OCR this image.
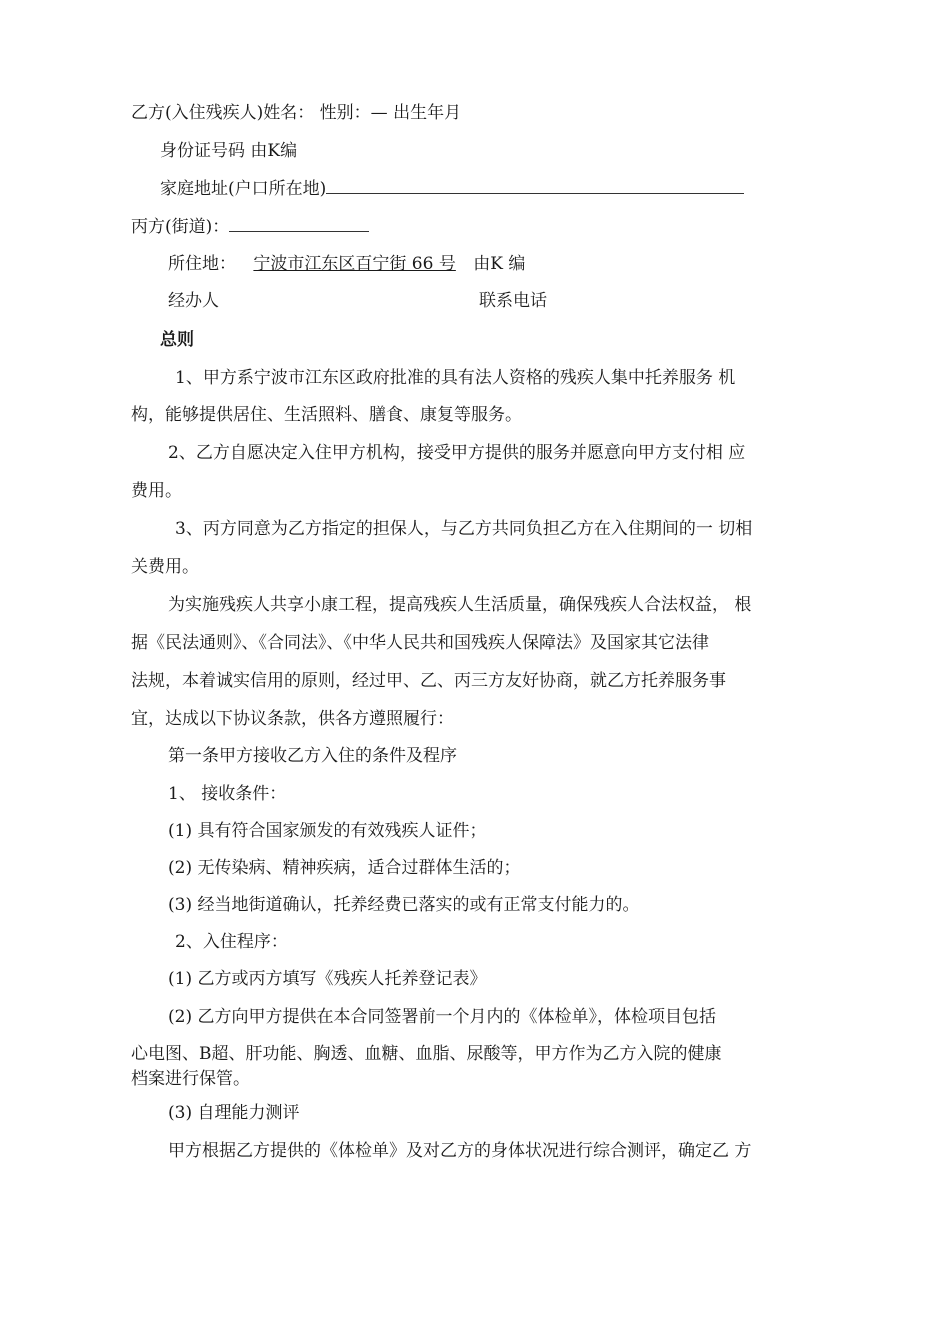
乙方(入住残疾人)姓名： 性别：— 出生年月
身份证号码 由K编
家庭地址(户口所在地)
丙方(街道)：
所住地： 宁波市江东区百宁街 66 号 由K 编
经办人	联系电话
总则
1、甲方系宁波市江东区政府批准的具有法人资格的残疾人集中托养服务 机
构，能够提供居住、生活照料、膳食、康复等服务。
2、乙方自愿决定入住甲方机构，接受甲方提供的服务并愿意向甲方支付相 应
费用。
3、丙方同意为乙方指定的担保人，与乙方共同负担乙方在入住期间的一 切相
关费用。
为实施残疾人共享小康工程，提高残疾人生活质量，确保残疾人合法权益， 根
据《民法通则》、《合同法》、《中华人民共和国残疾人保障法》及国家其它法律
法规，本着诚实信用的原则，经过甲、乙、丙三方友好协商，就乙方托养服务事
宜，达成以下协议条款，供各方遵照履行：
第一条甲方接收乙方入住的条件及程序
1、 接收条件：
(1) 具有符合国家颁发的有效残疾人证件；
(2) 无传染病、精神疾病，适合过群体生活的；
(3) 经当地街道确认，托养经费已落实的或有正常支付能力的。
2、入住程序：
(1) 乙方或丙方填写《残疾人托养登记表》
(2) 乙方向甲方提供在本合同签署前一个月内的《体检单》，体检项目包括
心电图、B超、肝功能、胸透、血糖、血脂、尿酸等，甲方作为乙方入院的健康
档案进行保管。
(3) 自理能力测评
甲方根据乙方提供的《体检单》及对乙方的身体状况进行综合测评，确定乙 方
